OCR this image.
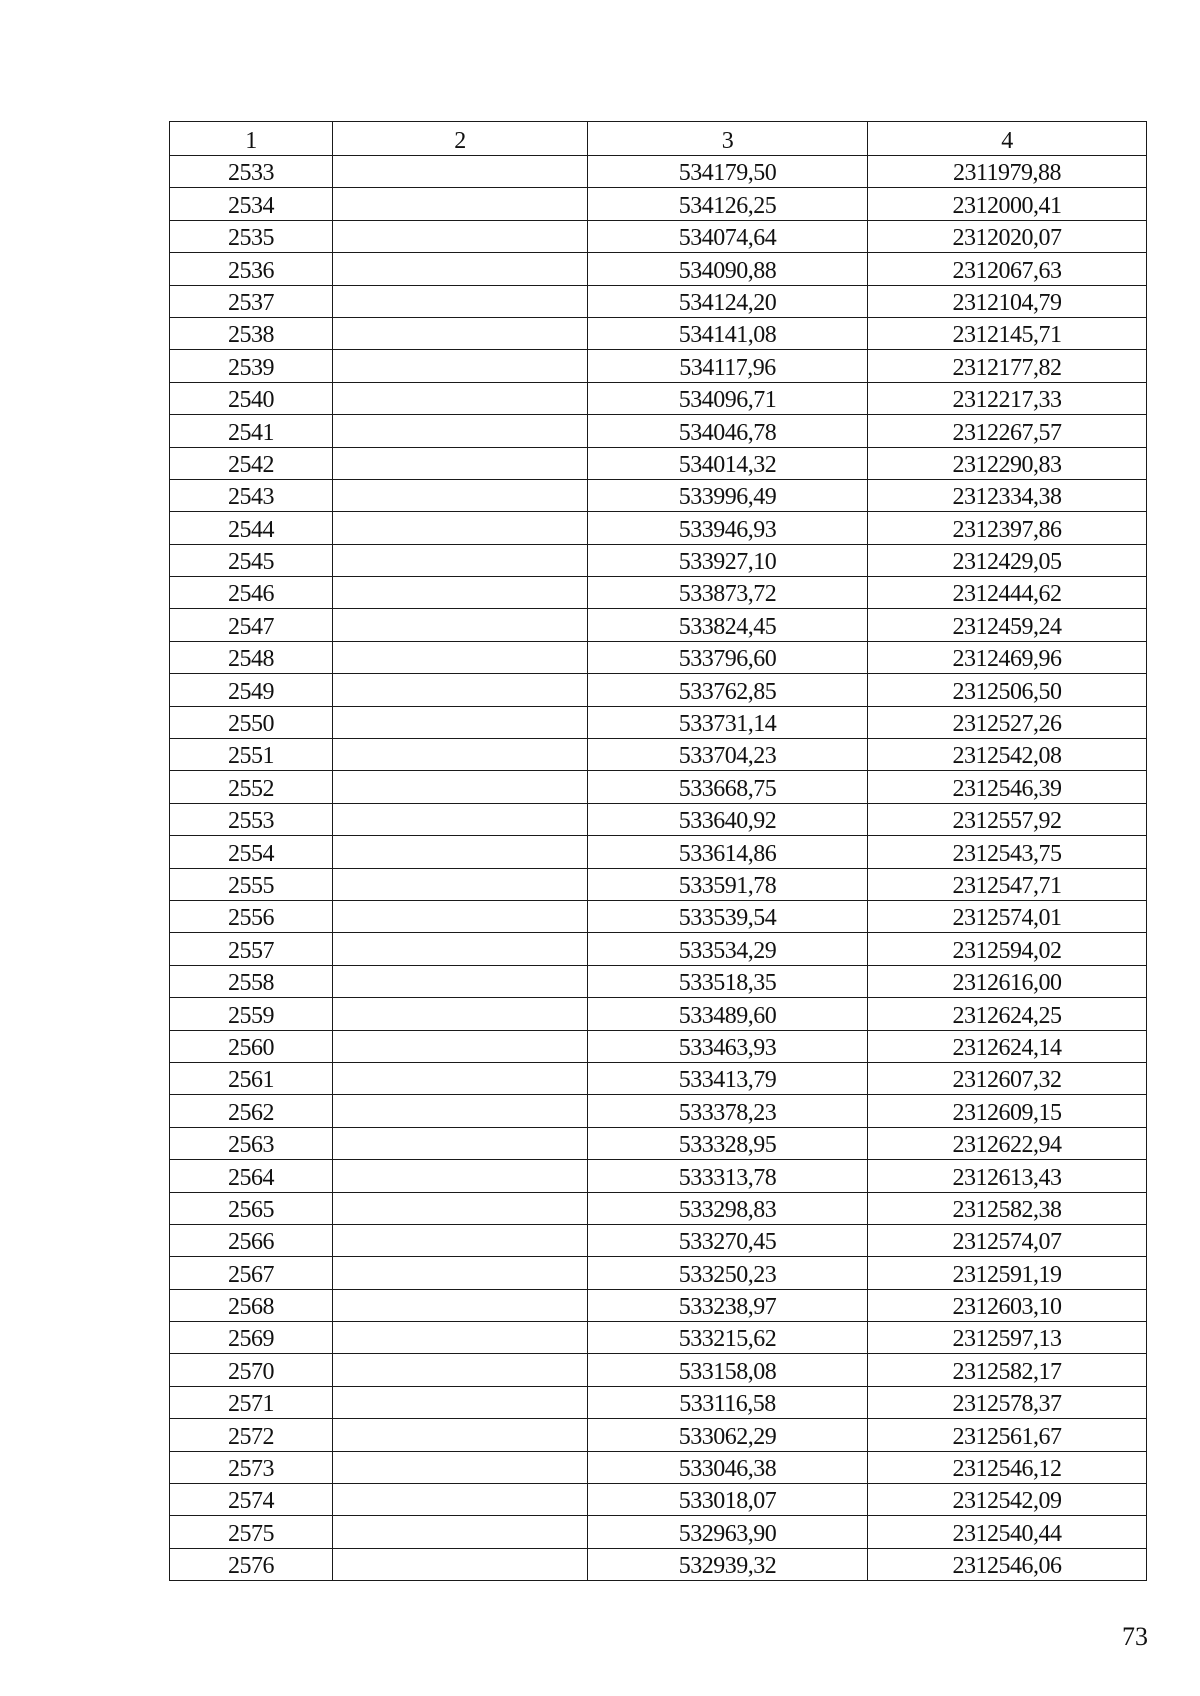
1	2	3	4
2533		534179,50	2311979,88
2534		534126,25	2312000,41
2535		534074,64	2312020,07
2536		534090,88	2312067,63
2537		534124,20	2312104,79
2538		534141,08	2312145,71
2539		534117,96	2312177,82
2540		534096,71	2312217,33
2541		534046,78	2312267,57
2542		534014,32	2312290,83
2543		533996,49	2312334,38
2544		533946,93	2312397,86
2545		533927,10	2312429,05
2546		533873,72	2312444,62
2547		533824,45	2312459,24
2548		533796,60	2312469,96
2549		533762,85	2312506,50
2550		533731,14	2312527,26
2551		533704,23	2312542,08
2552		533668,75	2312546,39
2553		533640,92	2312557,92
2554		533614,86	2312543,75
2555		533591,78	2312547,71
2556		533539,54	2312574,01
2557		533534,29	2312594,02
2558		533518,35	2312616,00
2559		533489,60	2312624,25
2560		533463,93	2312624,14
2561		533413,79	2312607,32
2562		533378,23	2312609,15
2563		533328,95	2312622,94
2564		533313,78	2312613,43
2565		533298,83	2312582,38
2566		533270,45	2312574,07
2567		533250,23	2312591,19
2568		533238,97	2312603,10
2569		533215,62	2312597,13
2570		533158,08	2312582,17
2571		533116,58	2312578,37
2572		533062,29	2312561,67
2573		533046,38	2312546,12
2574		533018,07	2312542,09
2575		532963,90	2312540,44
2576		532939,32	2312546,06
73
